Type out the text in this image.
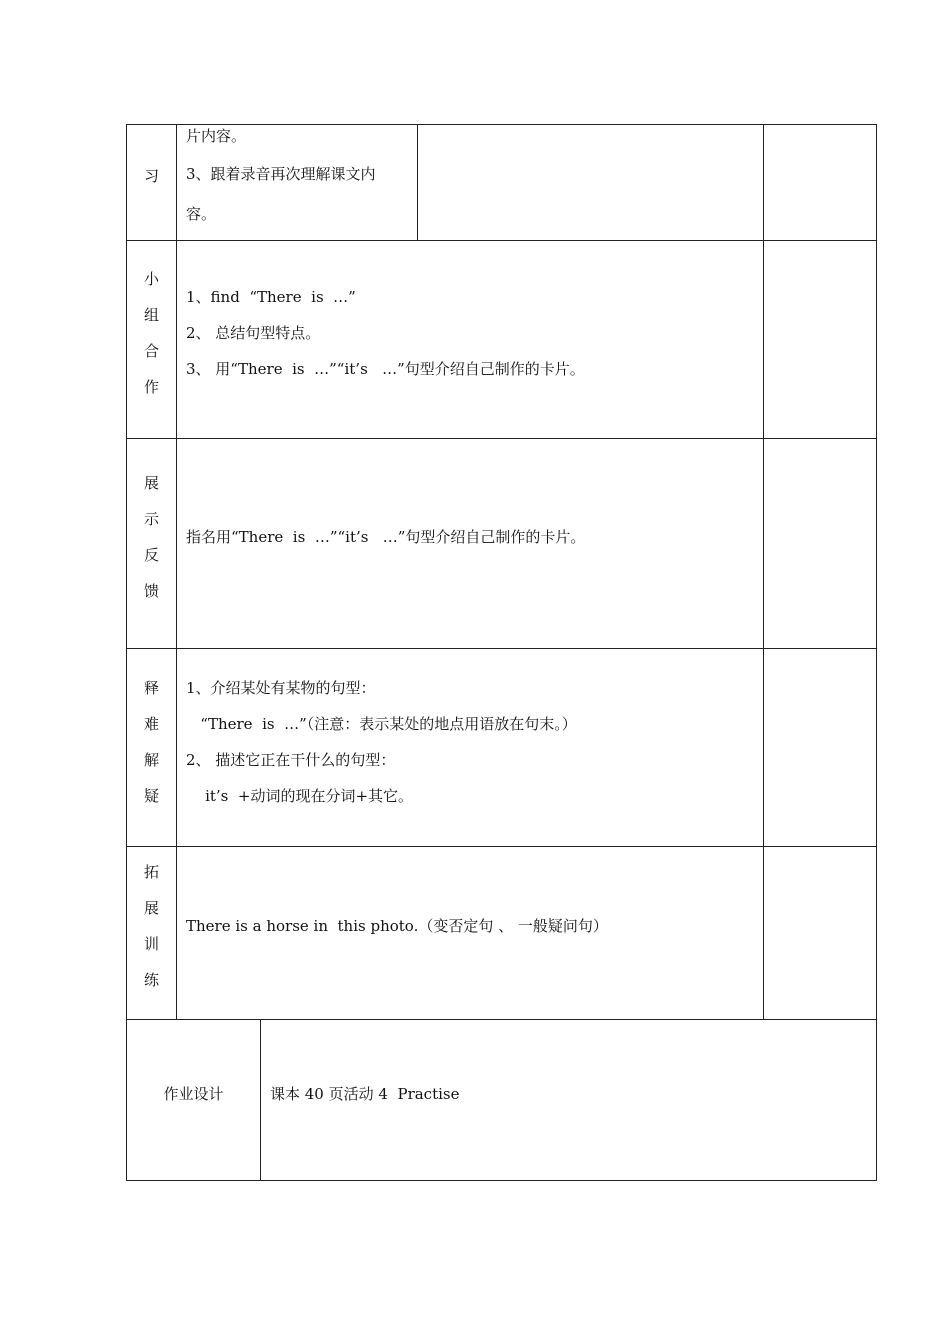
习
片内容。
3、跟着录音再次理解课文内
容。
小
组
合
作
1、find  “There  is  …”
2、 总结句型特点。
3、 用“There  is  …”“it’s   …”句型介绍自己制作的卡片。
展
示
反
馈
指名用“There  is  …”“it’s   …”句型介绍自己制作的卡片。
释
难
解
疑
1、介绍某处有某物的句型：
“There  is  …”（注意：表示某处的地点用语放在句末。）
2、 描述它正在干什么的句型：
it’s  +动词的现在分词+其它。
拓
展
训
练
There is a horse in  this photo.（变否定句 、 一般疑问句）
作业设计	课本 40 页活动 4  Practise
